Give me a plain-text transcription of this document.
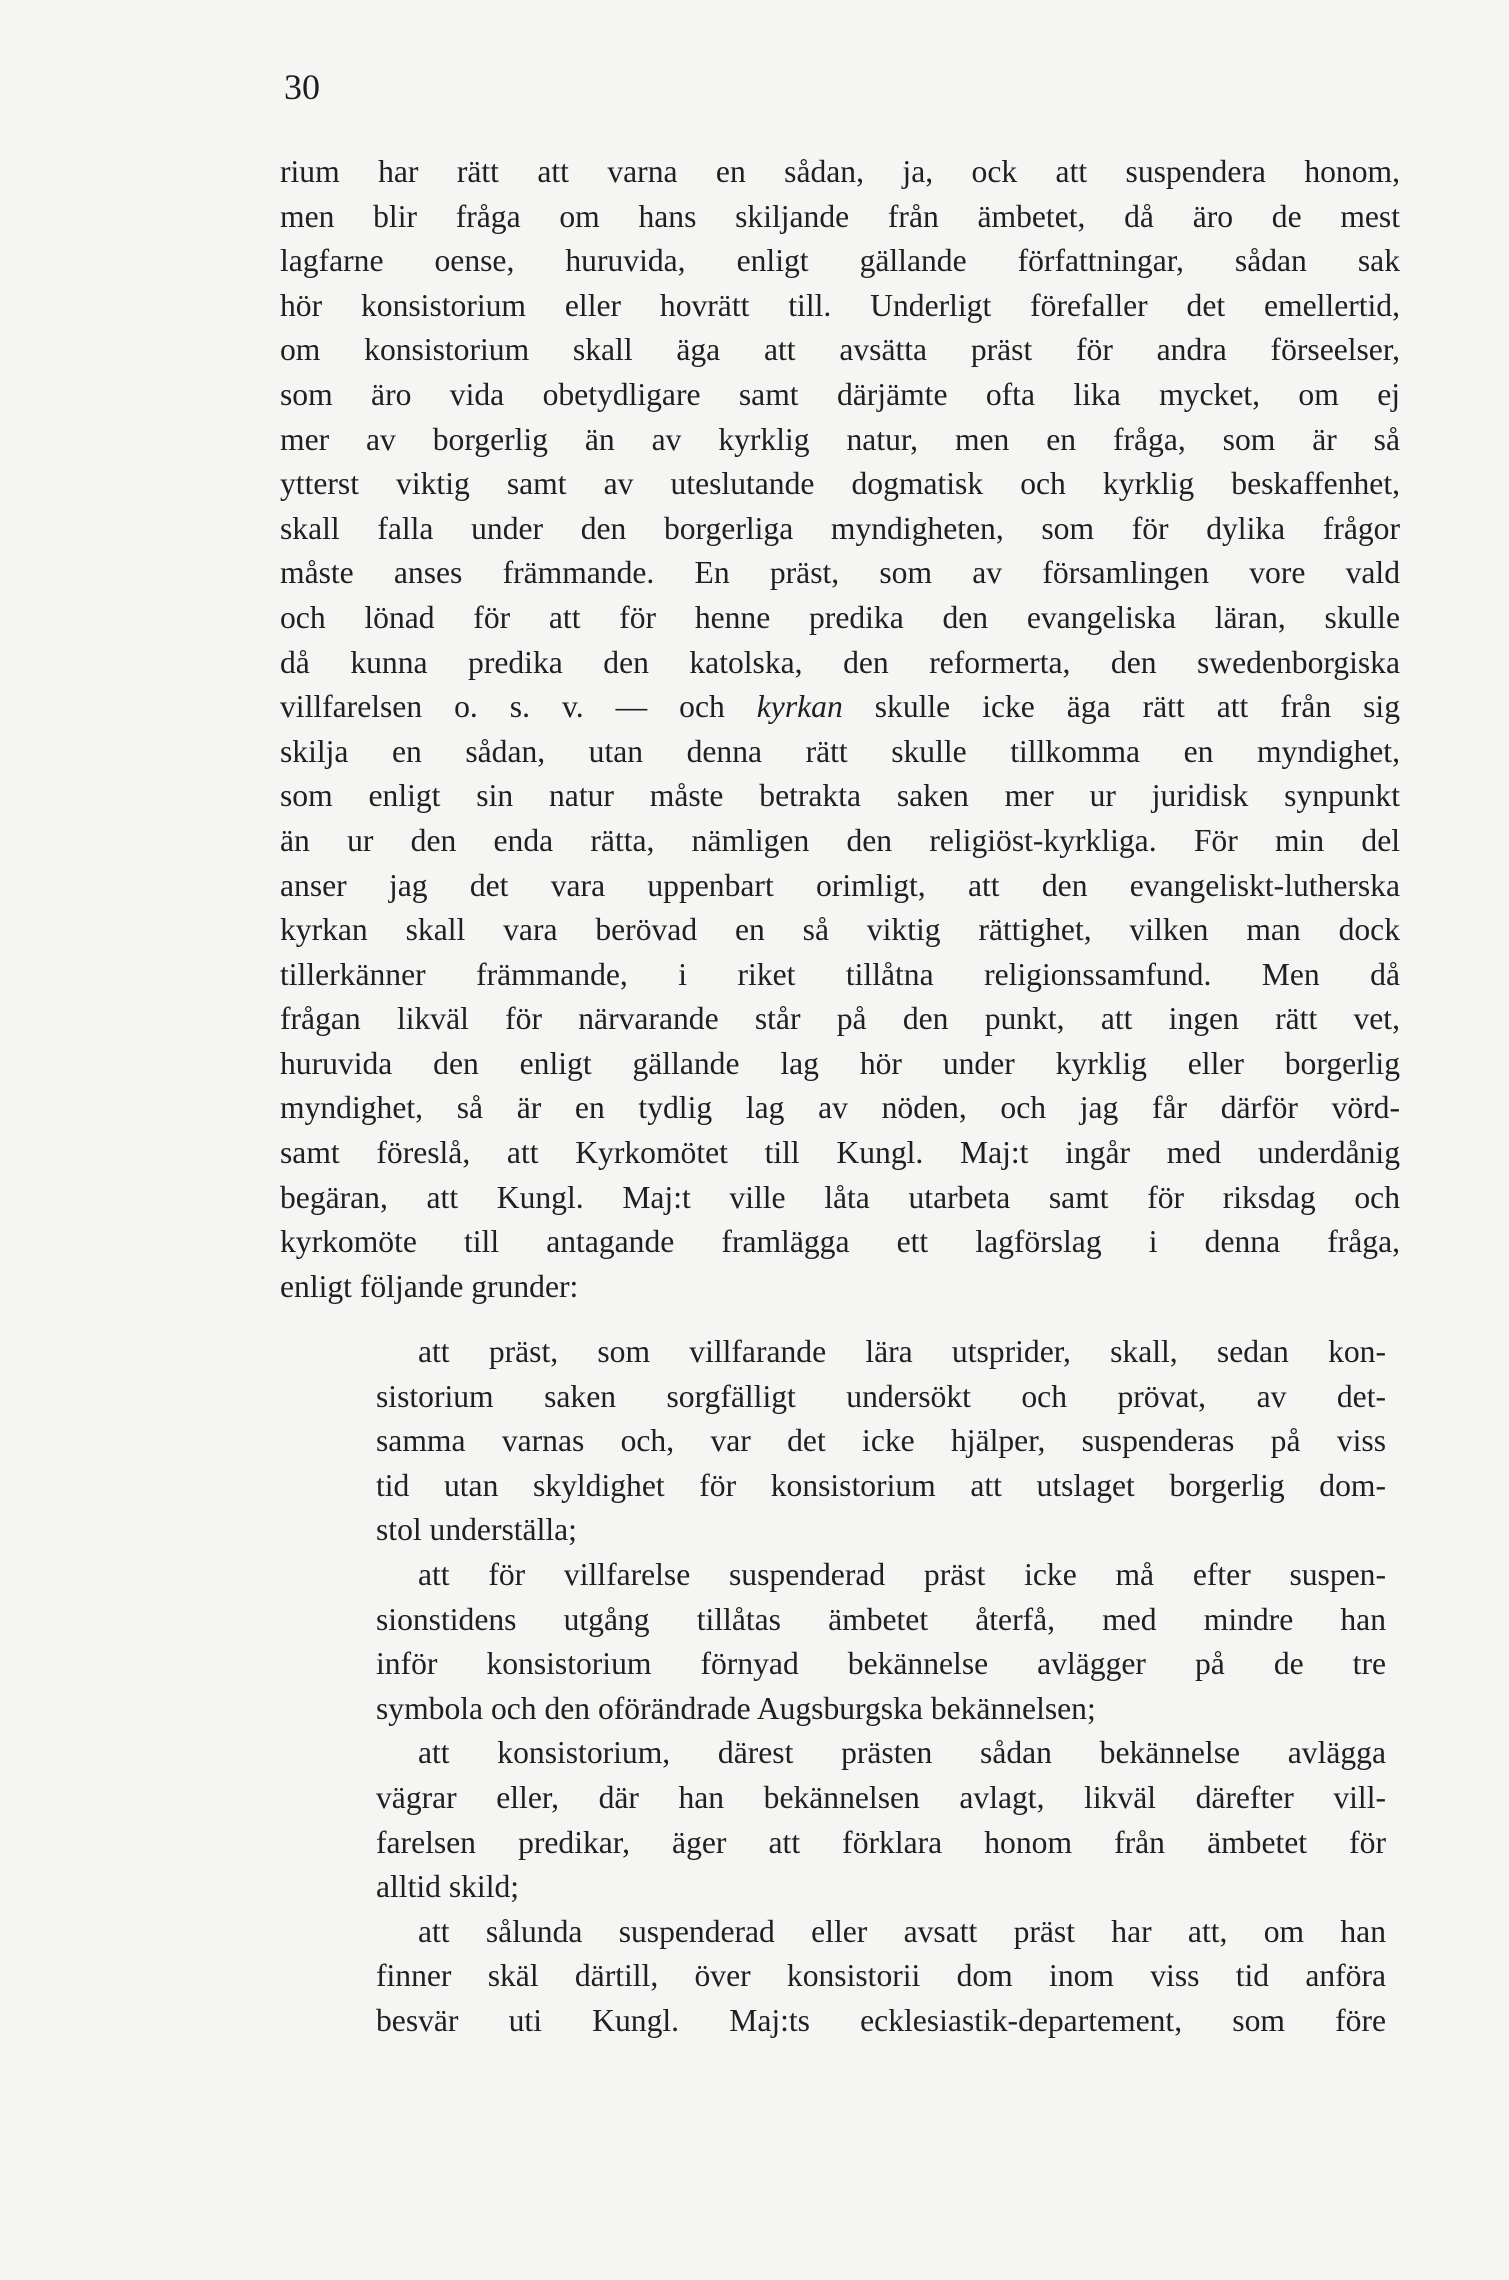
30

rium har rätt att varna en sådan, ja, ock att suspendera honom,
men blir fråga om hans skiljande från ämbetet, då äro de mest
lagfarne oense, huruvida, enligt gällande författningar, sådan sak
hör konsistorium eller hovrätt till. Underligt förefaller det emellertid,
om konsistorium skall äga att avsätta präst för andra förseelser,
som äro vida obetydligare samt därjämte ofta lika mycket, om ej
mer av borgerlig än av kyrklig natur, men en fråga, som är så
ytterst viktig samt av uteslutande dogmatisk och kyrklig beskaffenhet,
skall falla under den borgerliga myndigheten, som för dylika frågor
måste anses främmande. En präst, som av församlingen vore vald
och lönad för att för henne predika den evangeliska läran, skulle
då kunna predika den katolska, den reformerta, den swedenborgiska
villfarelsen o. s. v. — och kyrkan skulle icke äga rätt att från sig
skilja en sådan, utan denna rätt skulle tillkomma en myndighet,
som enligt sin natur måste betrakta saken mer ur juridisk synpunkt
än ur den enda rätta, nämligen den religiöst-kyrkliga. För min del
anser jag det vara uppenbart orimligt, att den evangeliskt-lutherska
kyrkan skall vara berövad en så viktig rättighet, vilken man dock
tillerkänner främmande, i riket tillåtna religionssamfund. Men då
frågan likväl för närvarande står på den punkt, att ingen rätt vet,
huruvida den enligt gällande lag hör under kyrklig eller borgerlig
myndighet, så är en tydlig lag av nöden, och jag får därför vörd-
samt föreslå, att Kyrkomötet till Kungl. Maj:t ingår med underdånig
begäran, att Kungl. Maj:t ville låta utarbeta samt för riksdag och
kyrkomöte till antagande framlägga ett lagförslag i denna fråga,
enligt följande grunder:
att präst, som villfarande lära utsprider, skall, sedan kon-
sistorium saken sorgfälligt undersökt och prövat, av det-
samma varnas och, var det icke hjälper, suspenderas på viss
tid utan skyldighet för konsistorium att utslaget borgerlig dom-
stol underställa;
att för villfarelse suspenderad präst icke må efter suspen-
sionstidens utgång tillåtas ämbetet återfå, med mindre han
inför konsistorium förnyad bekännelse avlägger på de tre
symbola och den oförändrade Augsburgska bekännelsen;
att konsistorium, därest prästen sådan bekännelse avlägga
vägrar eller, där han bekännelsen avlagt, likväl därefter vill-
farelsen predikar, äger att förklara honom från ämbetet för
alltid skild;
att sålunda suspenderad eller avsatt präst har att, om han
finner skäl därtill, över konsistorii dom inom viss tid anföra
besvär uti Kungl. Maj:ts ecklesiastik-departement, som före
